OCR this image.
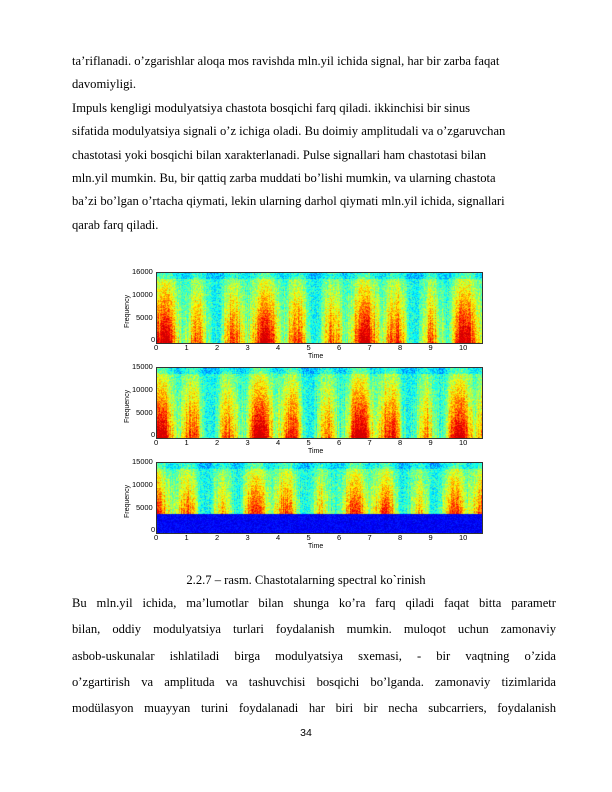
ta’riflanadi. o’zgarishlar aloqa mos ravishda mln.yil ichida signal, har bir zarba faqat
davomiyligi.
Impuls kengligi modulyatsiya chastota bosqichi farq qiladi. ikkinchisi bir sinus
sifatida modulyatsiya signali o’z ichiga oladi. Bu doimiy amplitudali va o’zgaruvchan
chastotasi yoki bosqichi bilan xarakterlanadi. Pulse signallari ham chastotasi bilan
mln.yil mumkin. Bu, bir qattiq zarba muddati bo’lishi mumkin, va ularning chastota
ba’zi bo’lgan o’rtacha qiymati, lekin ularning darhol qiymati mln.yil ichida, signallari
qarab farq qiladi.
Frequency
16000
10000
5000
0
Time
0	1	2	3	4	5	6	7	8	9	10
Frequency
15000
10000
5000
0
Time
0	1	2	3	4	5	6	7	8	9	10
Frequency
15000
10000
5000
0
Time
0	1	2	3	4	5	6	7	8	9	10
2.2.7 – rasm. Chastotalarning spectral ko`rinish
Bu mln.yil ichida, ma’lumotlar bilan shunga ko’ra farq qiladi faqat bitta parametr
bilan, oddiy modulyatsiya turlari foydalanish mumkin. muloqot uchun zamonaviy
asbob-uskunalar ishlatiladi birga modulyatsiya sxemasi, - bir vaqtning o’zida
o’zgartirish va amplituda va tashuvchisi bosqichi bo’lganda. zamonaviy tizimlarida
modülasyon muayyan turini foydalanadi har biri bir necha subcarriers, foydalanish
34
